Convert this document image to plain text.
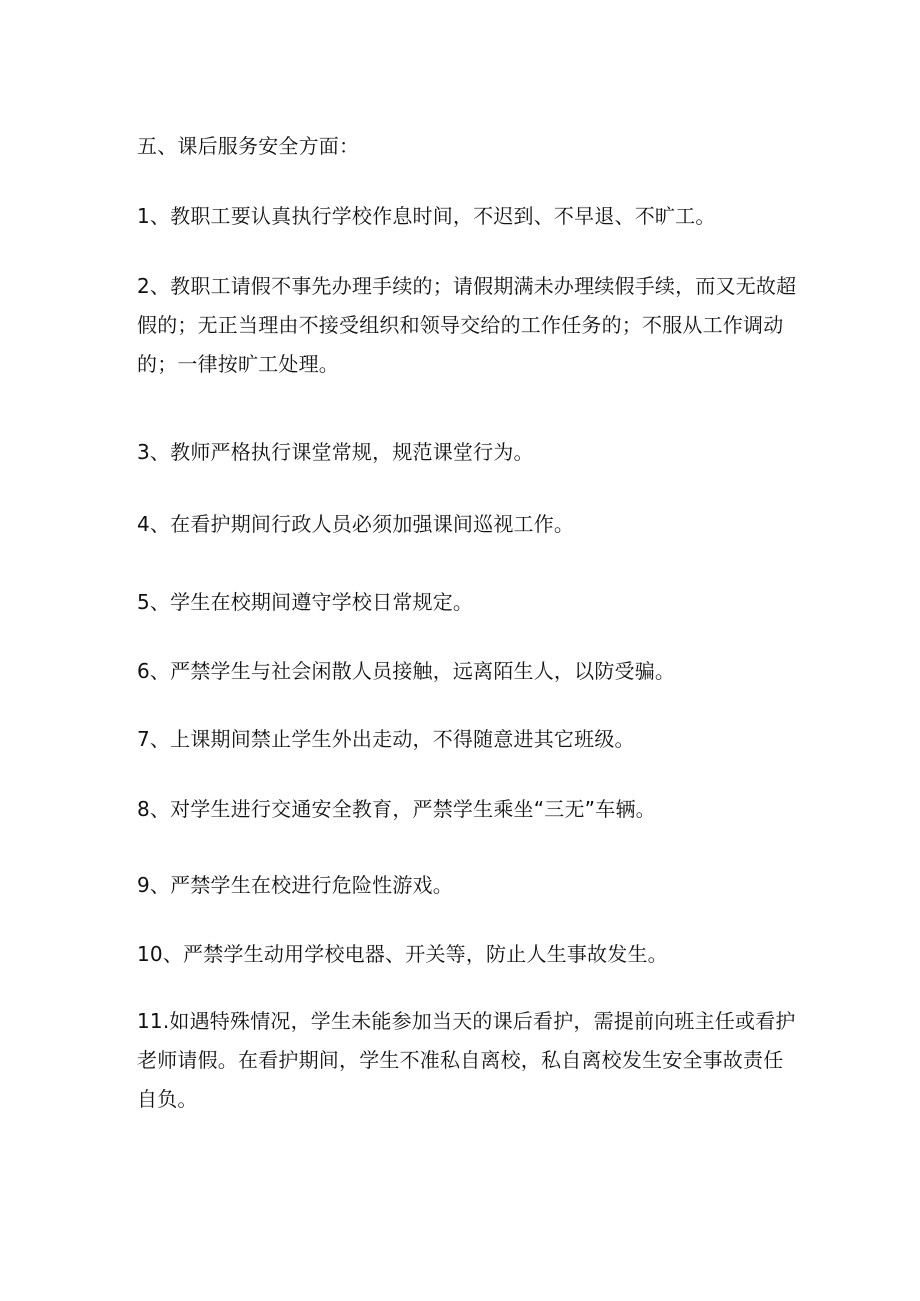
五、课后服务安全方面：

1、教职工要认真执行学校作息时间，不迟到、不早退、不旷工。

2、教职工请假不事先办理手续的；请假期满未办理续假手续，而又无故超假的；无正当理由不接受组织和领导交给的工作任务的；不服从工作调动的；一律按旷工处理。

3、教师严格执行课堂常规，规范课堂行为。

4、在看护期间行政人员必须加强课间巡视工作。

5、学生在校期间遵守学校日常规定。

6、严禁学生与社会闲散人员接触，远离陌生人，以防受骗。

7、上课期间禁止学生外出走动，不得随意进其它班级。

8、对学生进行交通安全教育，严禁学生乘坐“三无”车辆。

9、严禁学生在校进行危险性游戏。

10、严禁学生动用学校电器、开关等，防止人生事故发生。

11.如遇特殊情况，学生未能参加当天的课后看护，需提前向班主任或看护老师请假。在看护期间，学生不准私自离校，私自离校发生安全事故责任自负。
